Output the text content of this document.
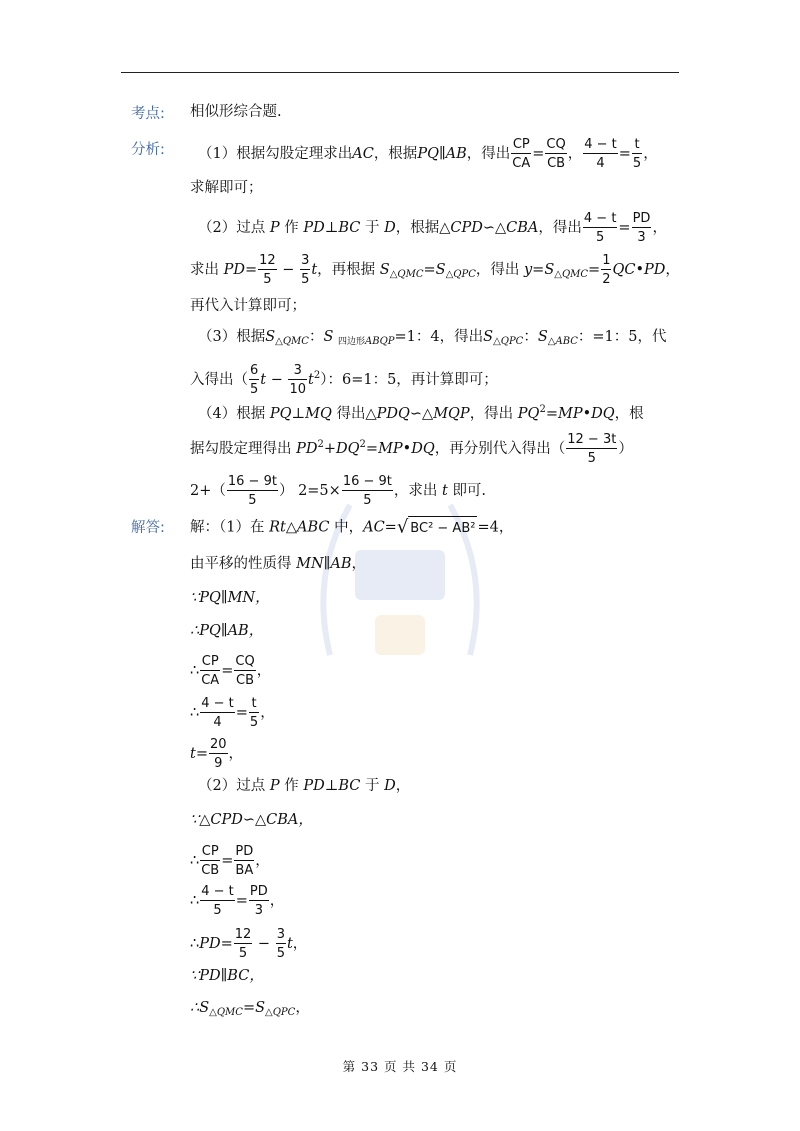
考点: 相似形综合题.
分析: （1）根据勾股定理求出AC，根据PQ∥AB，得出 $\frac{CP}{CA} = \frac{CQ}{CB}$ ， $\frac{4 - t}{4} = \frac{t}{5}$ ，
求解即可；
（2）过点 P 作 PD⊥BC 于 D，根据△CPD∽△CBA，得出 $\frac{4 - t}{5} = \frac{PD}{3}$ ，
求出 $PD= \frac{12}{5} - \frac{3}{5}$ t，再根据 $S_{\triangle QMC}=S_{\triangle QPC}$，得出 $y=S_{\triangle QMC}= \frac{1}{2}$ QC•PD，
再代入计算即可；
（3）根据$S_{\triangle QMC}$：S $_{四边形ABQP}$=1：4，得出$S_{\triangle QPC}$：$S_{\triangle ABC}$：=1：5，代
入得出（ $\frac{6}{5}$ $t - \frac{3}{10} t^2$）：6=1：5，再计算即可；
（4）根据 PQ⊥MQ 得出△PDQ∽△MQP，得出 $PQ^2=MP•DQ$，根
据勾股定理得出 $PD^2+DQ^2=MP•DQ$，再分别代入得出（ $\frac{12 - 3t}{5}$ ）
$2+( \frac{16 - 9t}{5}$ ） $2=5\times \frac{16 - 9t}{5}$ ，求出 t 即可.
解答: 解：（1）在 Rt△ABC 中，AC=√ BC² − AB² =4，
由平移的性质得 MN∥AB，
∵PQ∥MN，
∴PQ∥AB，
∴ $\frac{CP}{CA} = \frac{CQ}{CB}$ ，
∴ $\frac{4 - t}{4} = \frac{t}{5}$ ，
$t= \frac{20}{9}$ ，
（2）过点 P 作 PD⊥BC 于 D，
∵△CPD∽△CBA，
∴ $\frac{CP}{CB} = \frac{PD}{BA}$ ，
∴ $\frac{4 - t}{5} = \frac{PD}{3}$ ，
∴PD= $\frac{12}{5} - \frac{3}{5}$ t，
∵PD∥BC，
$\therefore S_{\triangle QMC}=S_{\triangle QPC}$，
第 33 页 共 34 页
